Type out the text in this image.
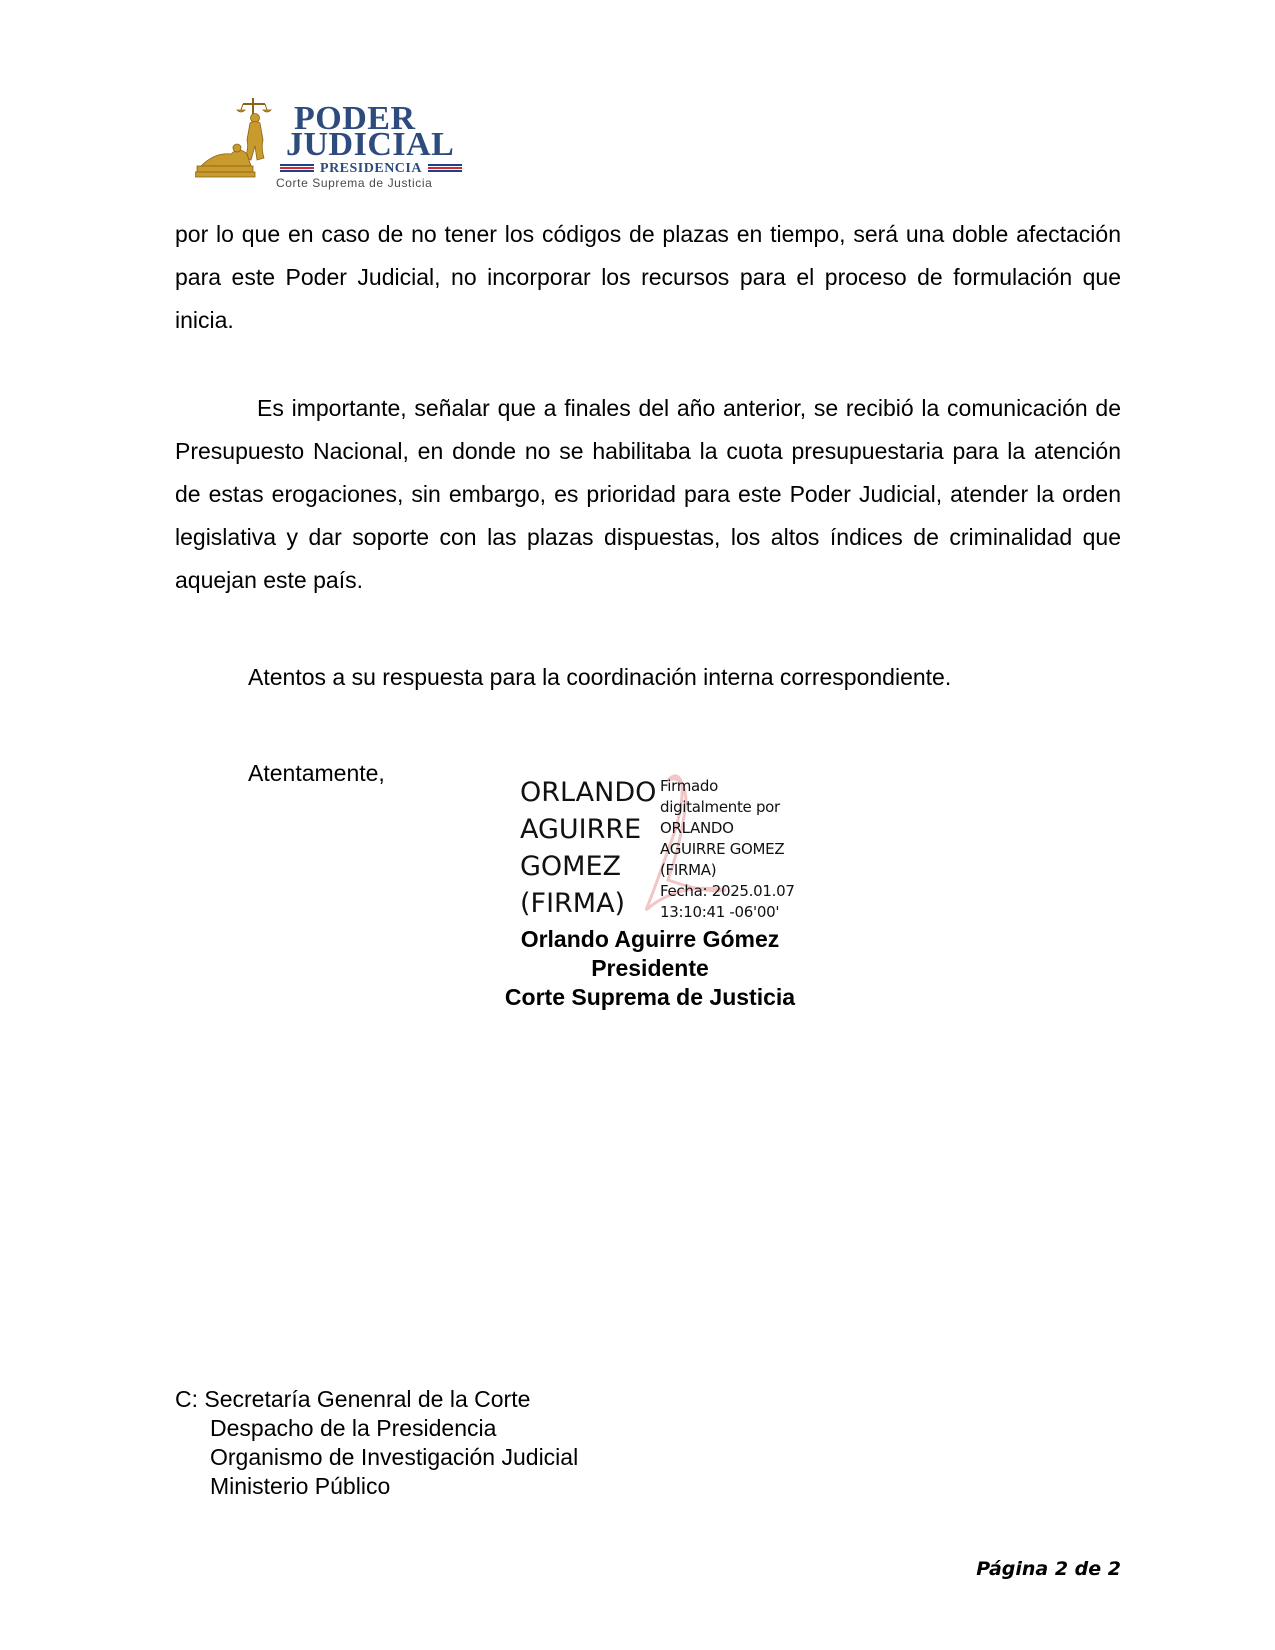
PODER
JUDICIAL
PRESIDENCIA
Corte Suprema de Justicia

por lo que en caso de no tener los códigos de plazas en tiempo, será una doble afectación para este Poder Judicial, no incorporar los recursos para el proceso de formulación que inicia.

Es importante, señalar que a finales del año anterior, se recibió la comunicación de Presupuesto Nacional, en donde no se habilitaba la cuota presupuestaria para la atención de estas erogaciones, sin embargo, es prioridad para este Poder Judicial, atender la orden legislativa y dar soporte con las plazas dispuestas, los altos índices de criminalidad que aquejan este país.

Atentos a su respuesta para la coordinación interna correspondiente.

Atentamente,

ORLANDO
AGUIRRE
GOMEZ
(FIRMA)
Firmado
digitalmente por
ORLANDO
AGUIRRE GOMEZ
(FIRMA)
Fecha: 2025.01.07
13:10:41 -06'00'
Orlando Aguirre Gómez
Presidente
Corte Suprema de Justicia
C: Secretaría Genenral de la Corte
Despacho de la Presidencia
Organismo de Investigación Judicial
Ministerio Público
Página 2 de 2
